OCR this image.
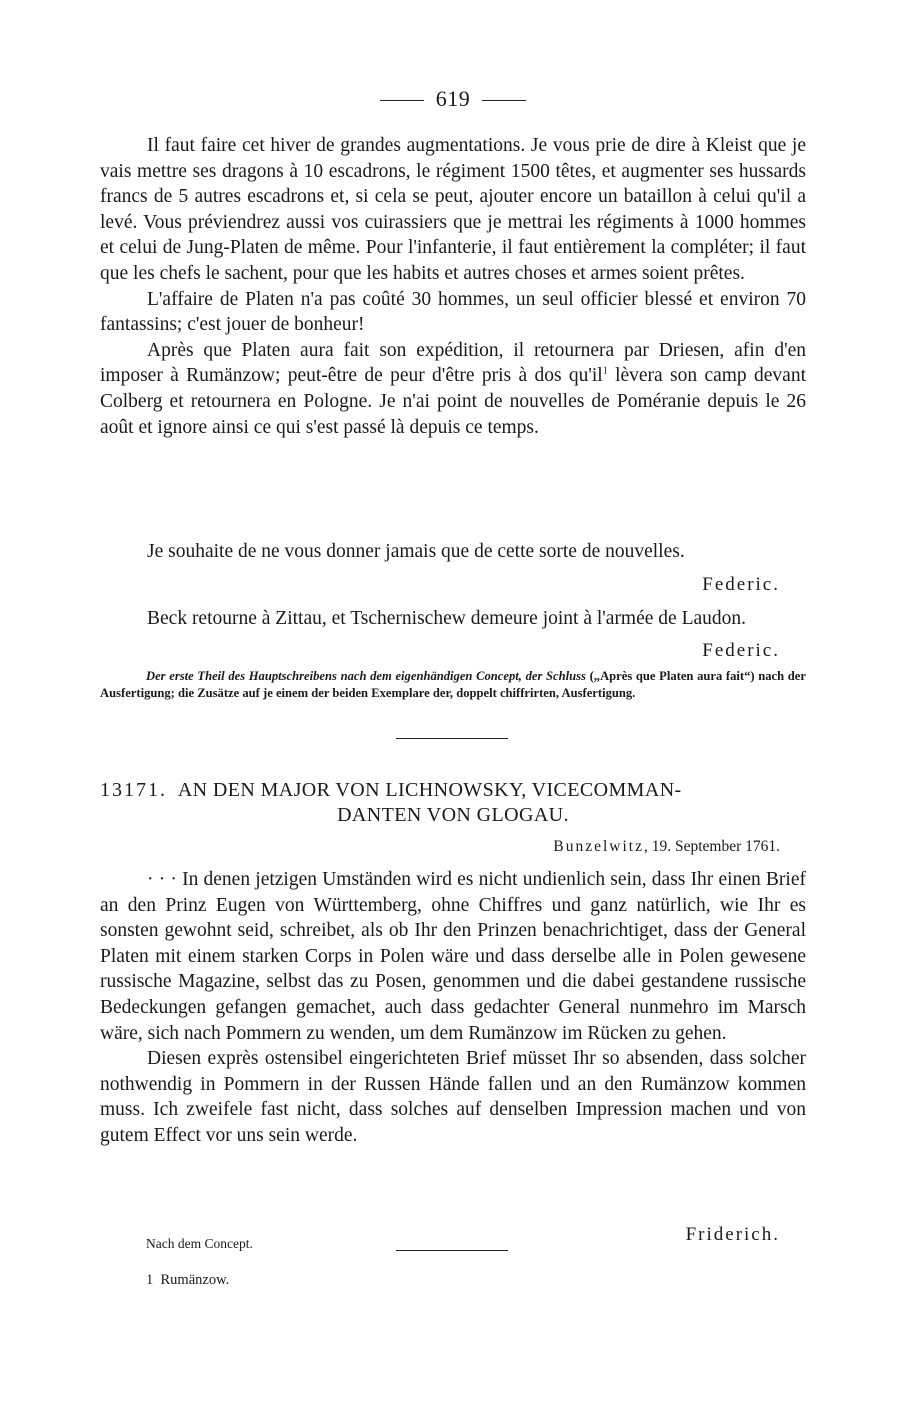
619

Il faut faire cet hiver de grandes augmentations. Je vous prie de dire à Kleist que je vais mettre ses dragons à 10 escadrons, le régiment 1500 têtes, et augmenter ses hussards francs de 5 autres escadrons et, si cela se peut, ajouter encore un bataillon à celui qu'il a levé. Vous préviendrez aussi vos cuirassiers que je mettrai les régiments à 1000 hommes et celui de Jung-Platen de même. Pour l'infanterie, il faut entièrement la compléter; il faut que les chefs le sachent, pour que les habits et autres choses et armes soient prêtes.

L'affaire de Platen n'a pas coûté 30 hommes, un seul officier blessé et environ 70 fantassins; c'est jouer de bonheur!

Après que Platen aura fait son expédition, il retournera par Driesen, afin d'en imposer à Rumänzow; peut-être de peur d'être pris à dos $qu'il^1$ lèvera son camp devant Colberg et retournera en Pologne. Je n'ai point de nouvelles de Poméranie depuis le 26 août et ignore ainsi ce qui s'est passé là depuis ce temps.

Je souhaite de ne vous donner jamais que de cette sorte de nouvelles.

Federic.

Beck retourne à Zittau, et Tschernischew demeure joint à l'armée de Laudon.

Federic.
Der erste Theil des Hauptschreibens nach dem eigenhändigen Concept, der Schluss („Après que Platen aura fait“) nach der Ausfertigung; die Zusätze auf je einem der beiden Exemplare der, doppelt chiffrirten, Ausfertigung.
13171. AN DEN MAJOR VON LICHNOWSKY, VICECOMMAN-
DANTEN VON GLOGAU.
Bunzelwitz, 19. September 1761.

· · · In denen jetzigen Umständen wird es nicht undienlich sein, dass Ihr einen Brief an den Prinz Eugen von Württemberg, ohne Chiffres und ganz natürlich, wie Ihr es sonsten gewohnt seid, schreibet, als ob Ihr den Prinzen benachrichtiget, dass der General Platen mit einem starken Corps in Polen wäre und dass derselbe alle in Polen gewesene russische Magazine, selbst das zu Posen, genommen und die dabei gestandene russische Bedeckungen gefangen gemachet, auch dass gedachter General nunmehro im Marsch wäre, sich nach Pommern zu wenden, um dem Rumänzow im Rücken zu gehen.

Diesen exprès ostensibel eingerichteten Brief müsset Ihr so absenden, dass solcher nothwendig in Pommern in der Russen Hände fallen und an den Rumänzow kommen muss. Ich zweifele fast nicht, dass solches auf denselben Impression machen und von gutem Effect vor uns sein werde.

Friderich.
Nach dem Concept.
1 Rumänzow.
